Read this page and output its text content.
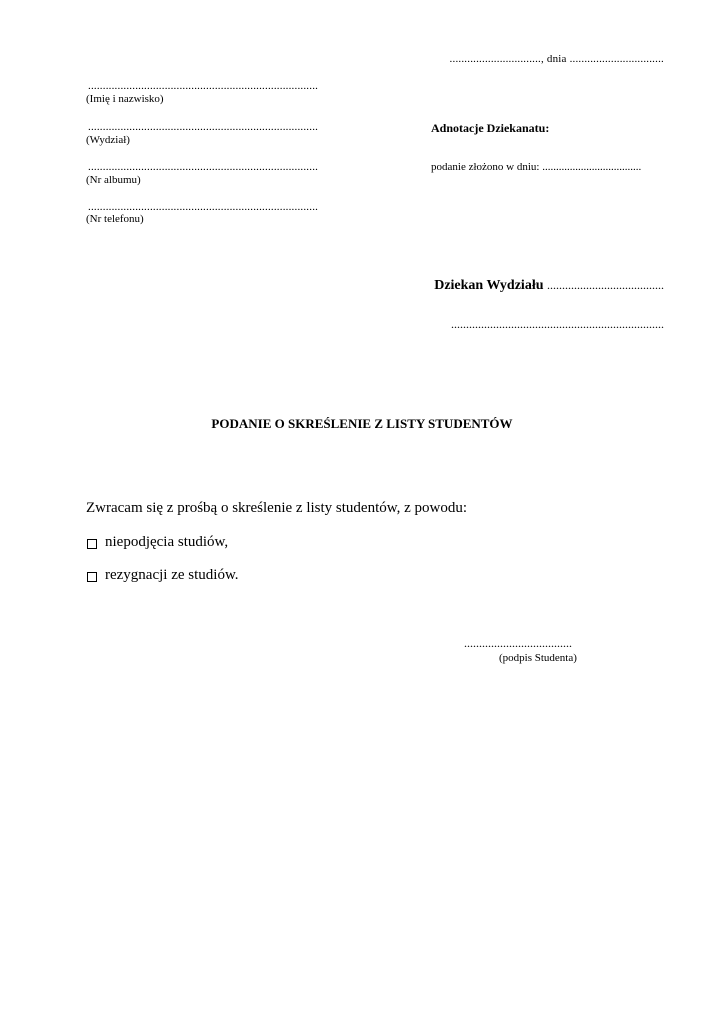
..............................., dnia ................................
..............................................................................
(Imię i nazwisko)
..............................................................................
(Wydział)
..............................................................................
(Nr albumu)
..............................................................................
(Nr telefonu)
Adnotacje Dziekanatu:
podanie złożono w dniu: ....................................
Dziekan Wydziału .......................................
.......................................................................
PODANIE O SKREŚLENIE Z LISTY STUDENTÓW
Zwracam się z prośbą o skreślenie z listy studentów, z powodu:
niepodjęcia studiów,
rezygnacji ze studiów.
....................................
(podpis Studenta)
